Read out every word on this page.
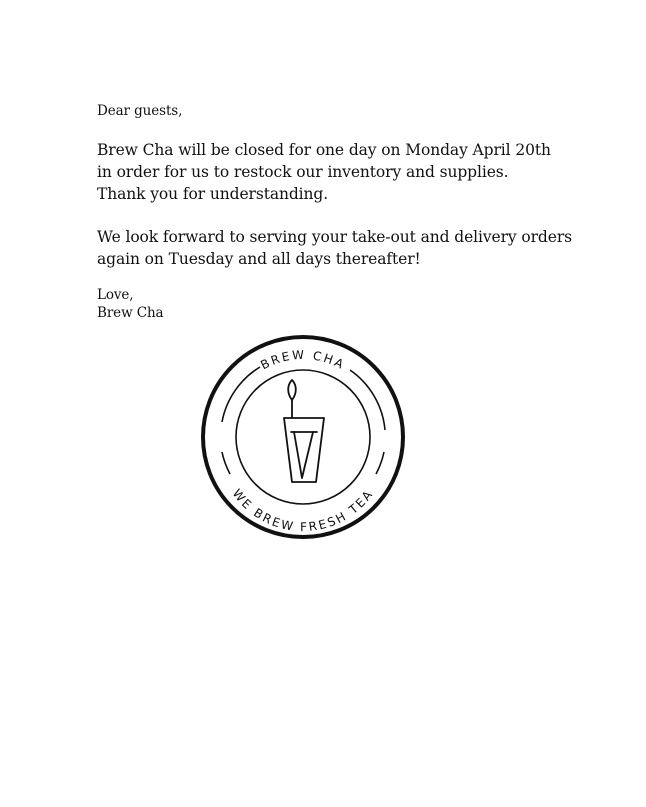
Dear guests,
Brew Cha will be closed for one day on Monday April 20th
in order for us to restock our inventory and supplies.
Thank you for understanding.
We look forward to serving your take-out and delivery orders
again on Tuesday and all days thereafter!
Love,
Brew Cha
BREW CHA
WE BREW FRESH TEA
